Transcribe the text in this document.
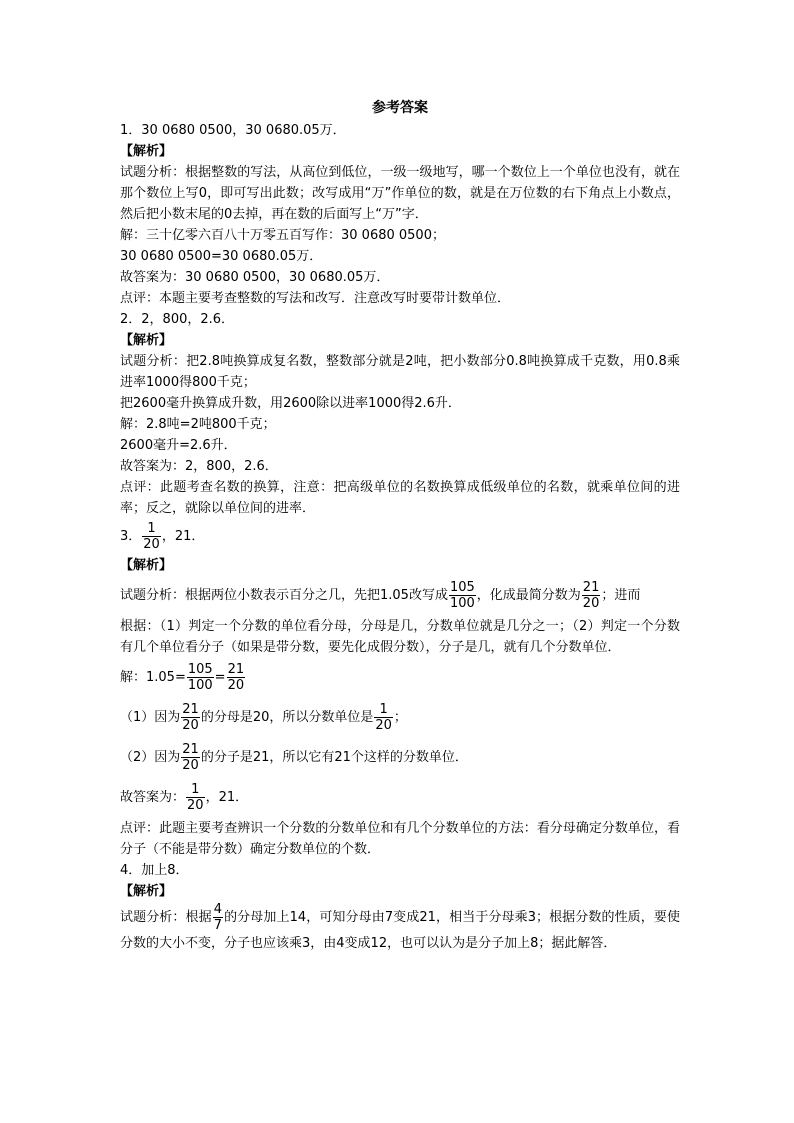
参考答案
1．30 0680 0500，30 0680.05万．
【解析】
试题分析：根据整数的写法，从高位到低位，一级一级地写，哪一个数位上一个单位也没有，就在那个数位上写0，即可写出此数；改写成用“万”作单位的数，就是在万位数的右下角点上小数点，然后把小数末尾的0去掉，再在数的后面写上“万”字．
解：三十亿零六百八十万零五百写作：30 0680 0500；
30 0680 0500=30 0680.05万．
故答案为：30 0680 0500，30 0680.05万．
点评：本题主要考查整数的写法和改写．注意改写时要带计数单位．
2．2，800，2.6．
【解析】
试题分析：把2.8吨换算成复名数，整数部分就是2吨，把小数部分0.8吨换算成千克数，用0.8乘进率1000得800千克；
把2600毫升换算成升数，用2600除以进率1000得2.6升．
解：2.8吨=2吨800千克；
2600毫升=2.6升．
故答案为：2，800，2.6．
点评：此题考查名数的换算，注意：把高级单位的名数换算成低级单位的名数，就乘单位间的进率；反之，就除以单位间的进率．
3． $\frac{1}{20}$ ，21．
【解析】
试题分析：根据两位小数表示百分之几，先把1.05改写成 $\frac{105}{100}$ ，化成最简分数为 $\frac{21}{20}$ ；进而
根据：（1）判定一个分数的单位看分母，分母是几，分数单位就是几分之一；（2）判定一个分数有几个单位看分子（如果是带分数，要先化成假分数），分子是几，就有几个分数单位．
解：$1.05= \frac{105}{100} = \frac{21}{20}$
（1）因为 $\frac{21}{20}$ 的分母是20，所以分数单位是 $\frac{1}{20}$ ；
（2）因为 $\frac{21}{20}$ 的分子是21，所以它有21个这样的分数单位．
故答案为： $\frac{1}{20}$ ，21．
点评：此题主要考查辨识一个分数的分数单位和有几个分数单位的方法：看分母确定分数单位，看分子（不能是带分数）确定分数单位的个数．
4．加上8．
【解析】
试题分析：根据 $\frac{4}{7}$ 的分母加上14，可知分母由7变成21，相当于分母乘3；根据分数的性质，要使分数的大小不变，分子也应该乘3，由4变成12，也可以认为是分子加上8；据此解答．
